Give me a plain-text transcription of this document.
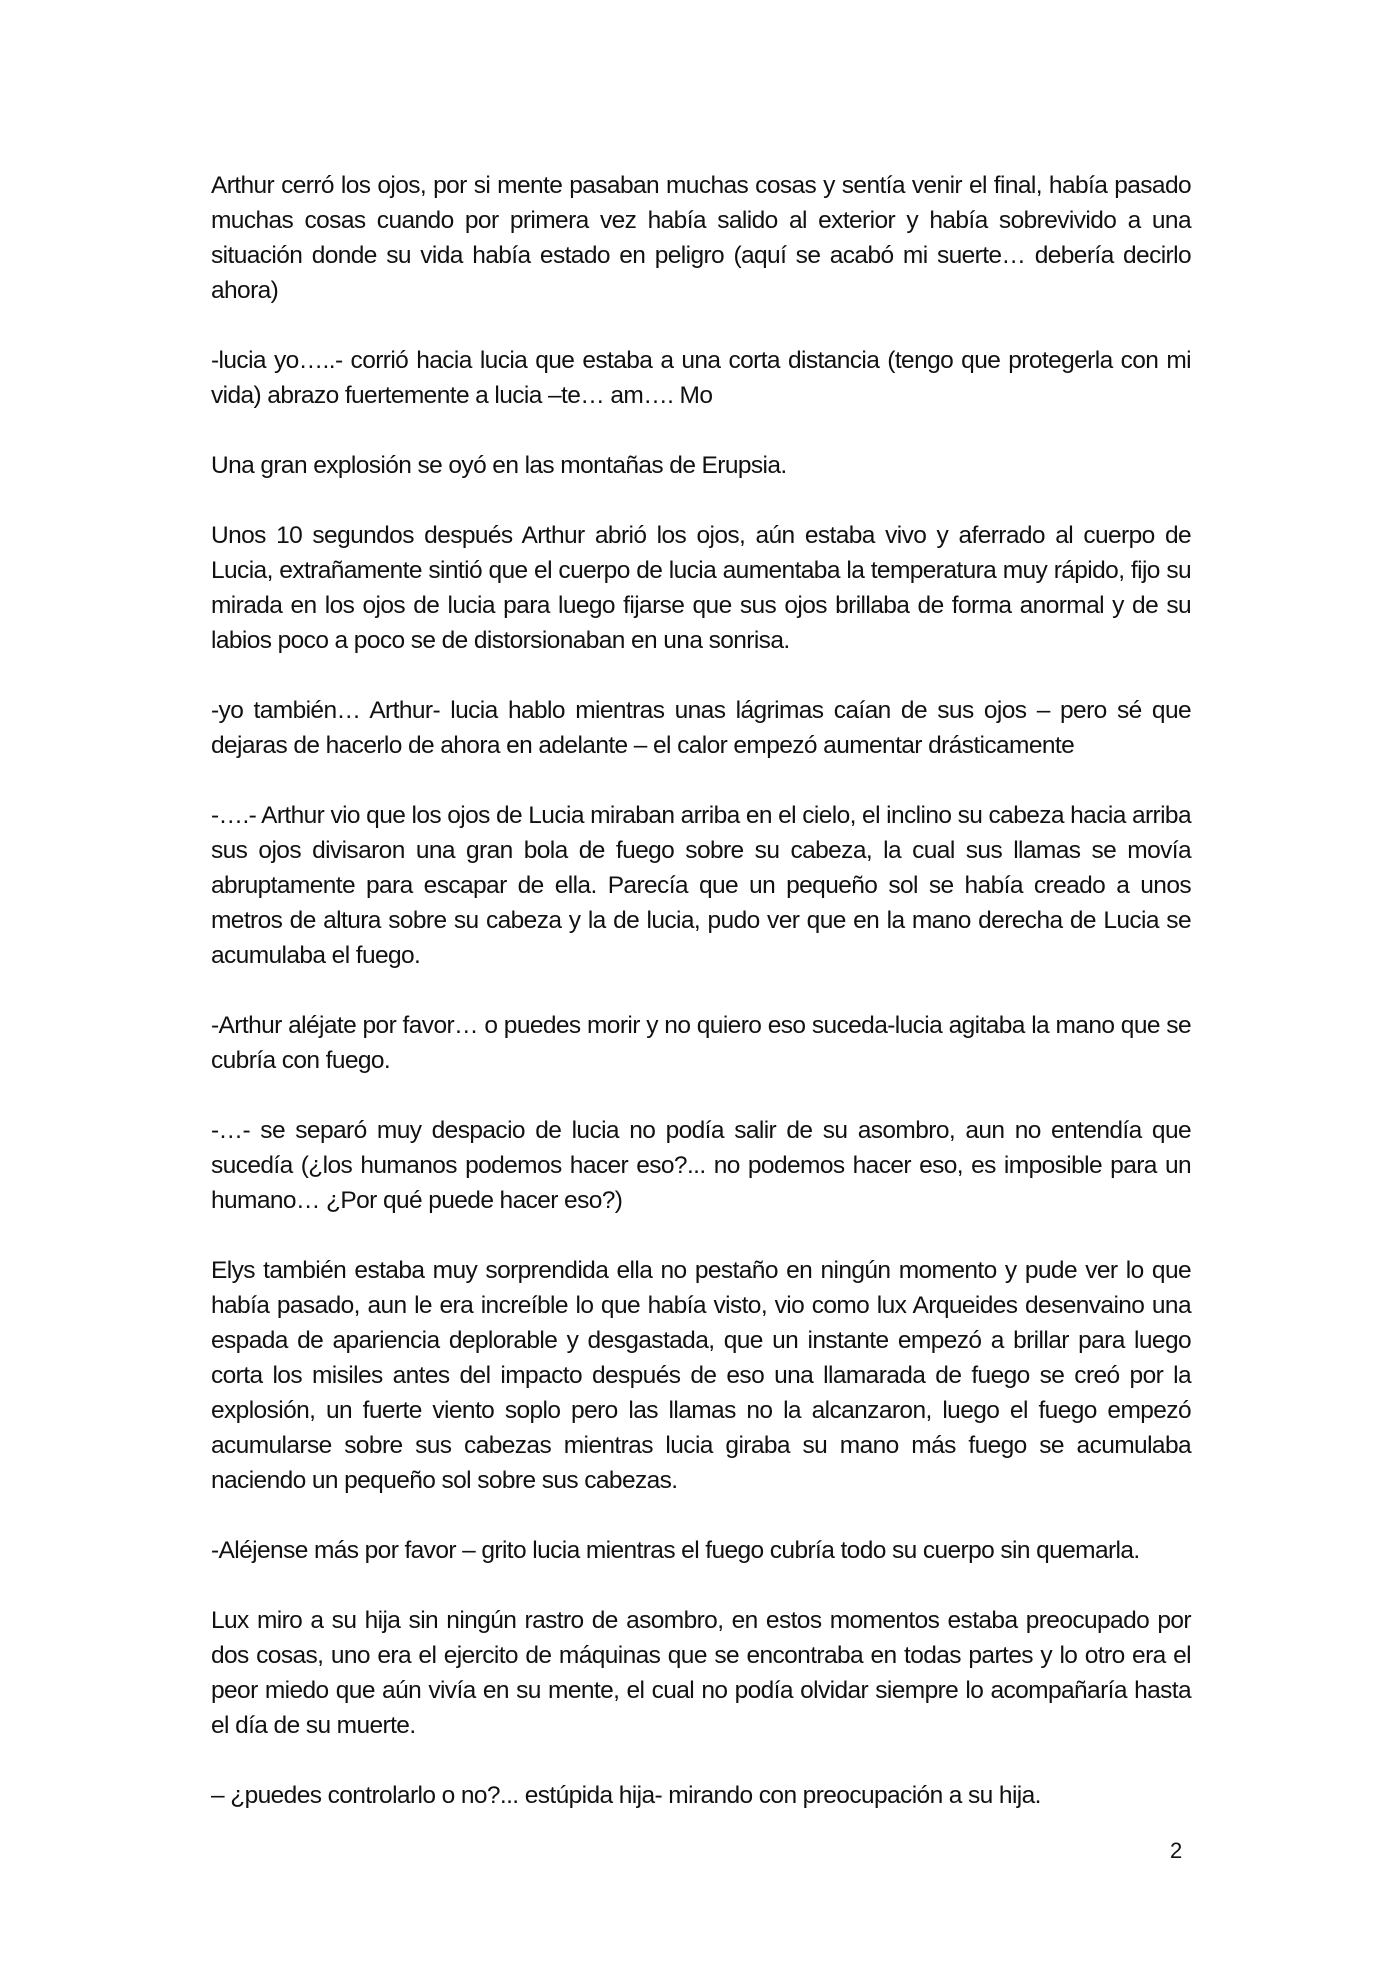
Arthur cerró los ojos, por si mente pasaban muchas cosas y sentía venir el final, había pasado muchas cosas cuando por primera vez había salido al exterior y había sobrevivido a una situación donde su vida había estado en peligro (aquí se acabó mi suerte… debería decirlo ahora)

-lucia yo…..- corrió hacia lucia que estaba a una corta distancia (tengo que protegerla con mi vida) abrazo fuertemente a lucia –te… am…. Mo

Una gran explosión se oyó en las montañas de Erupsia.

Unos 10 segundos después Arthur abrió los ojos, aún estaba vivo y aferrado al cuerpo de Lucia, extrañamente sintió que el cuerpo de lucia aumentaba la temperatura muy rápido, fijo su mirada en los ojos de lucia para luego fijarse que sus ojos brillaba de forma anormal y de su labios poco a poco se de distorsionaban en una sonrisa.

-yo también… Arthur- lucia hablo mientras unas lágrimas caían de sus ojos – pero sé que dejaras de hacerlo de ahora en adelante – el calor empezó aumentar drásticamente

-….- Arthur vio que los ojos de Lucia miraban arriba en el cielo, el inclino su cabeza hacia arriba sus ojos divisaron una gran bola de fuego sobre su cabeza, la cual sus llamas se movía abruptamente para escapar de ella. Parecía que un pequeño sol se había creado a unos metros de altura sobre su cabeza y la de lucia, pudo ver que en la mano derecha de Lucia se acumulaba el fuego.

-Arthur aléjate por favor… o puedes morir y no quiero eso suceda-lucia agitaba la mano que se cubría con fuego.

-…- se separó muy despacio de lucia no podía salir de su asombro, aun no entendía que sucedía (¿los humanos podemos hacer eso?... no podemos hacer eso, es imposible para un humano… ¿Por qué puede hacer eso?)

Elys también estaba muy sorprendida ella no pestaño en ningún momento y pude ver lo que había pasado, aun le era increíble lo que había visto, vio como lux Arqueides desenvaino una espada de apariencia deplorable y desgastada, que un instante empezó a brillar para luego corta los misiles antes del impacto después de eso una llamarada de fuego se creó por la explosión, un fuerte viento soplo pero las llamas no la alcanzaron, luego el fuego empezó acumularse sobre sus cabezas mientras lucia giraba su mano más fuego se acumulaba naciendo un pequeño sol sobre sus cabezas.

-Aléjense más por favor – grito lucia mientras el fuego cubría todo su cuerpo sin quemarla.

Lux miro a su hija sin ningún rastro de asombro, en estos momentos estaba preocupado por dos cosas, uno era el ejercito de máquinas que se encontraba en todas partes y lo otro era el peor miedo que aún vivía en su mente, el cual no podía olvidar siempre lo acompañaría hasta el día de su muerte.

– ¿puedes controlarlo o no?... estúpida hija- mirando con preocupación a su hija.

2
